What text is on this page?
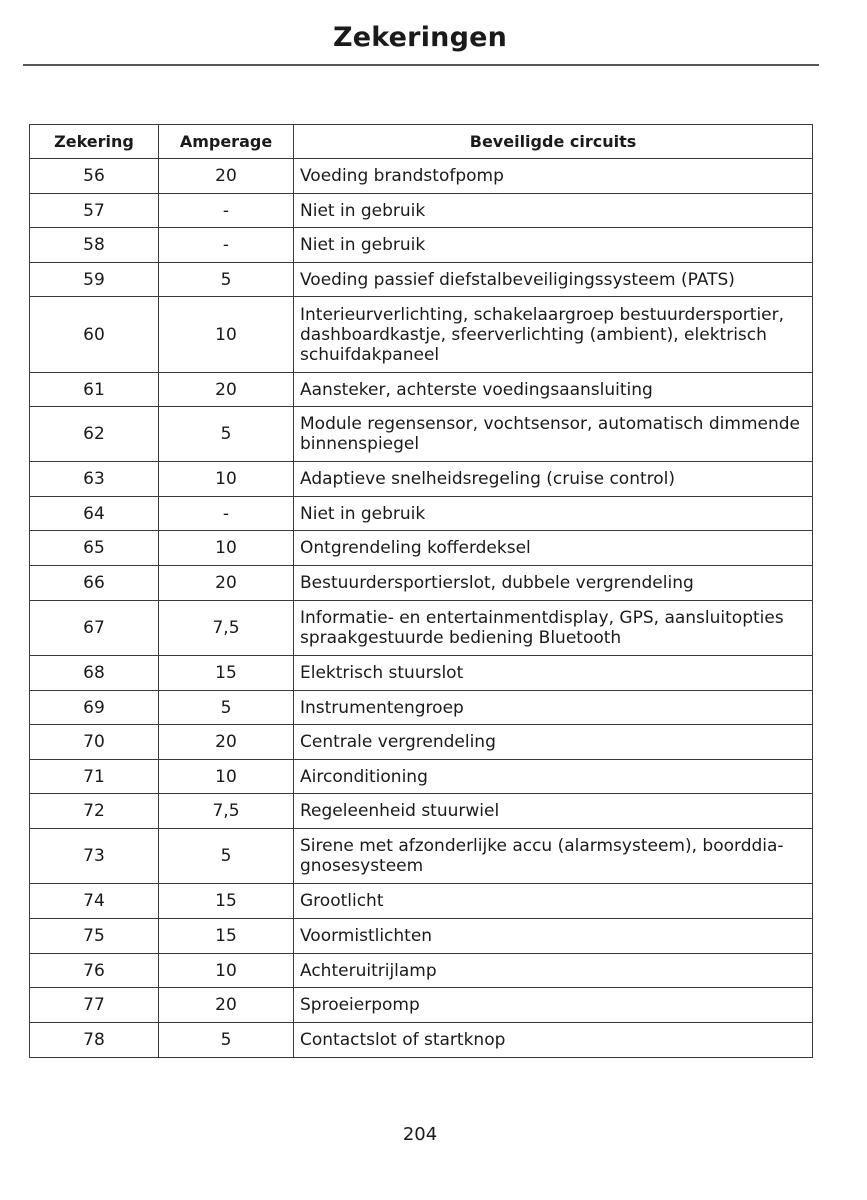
Zekeringen
Zekering	Amperage	Beveiligde circuits
56	20	Voeding brandstofpomp
57	-	Niet in gebruik
58	-	Niet in gebruik
59	5	Voeding passief diefstalbeveiligingssysteem (PATS)
60	10	Interieurverlichting, schakelaargroep bestuurdersportier, dashboardkastje, sfeerverlichting (ambient), elektrisch schuifdakpaneel
61	20	Aansteker, achterste voedingsaansluiting
62	5	Module regensensor, vochtsensor, automatisch dimmende binnenspiegel
63	10	Adaptieve snelheidsregeling (cruise control)
64	-	Niet in gebruik
65	10	Ontgrendeling kofferdeksel
66	20	Bestuurdersportierslot, dubbele vergrendeling
67	7,5	Informatie- en entertainmentdisplay, GPS, aansluitopties spraakgestuurde bediening Bluetooth
68	15	Elektrisch stuurslot
69	5	Instrumentengroep
70	20	Centrale vergrendeling
71	10	Airconditioning
72	7,5	Regeleenheid stuurwiel
73	5	Sirene met afzonderlijke accu (alarmsysteem), boorddia-gnosesysteem
74	15	Grootlicht
75	15	Voormistlichten
76	10	Achteruitrijlamp
77	20	Sproeierpomp
78	5	Contactslot of startknop
204
